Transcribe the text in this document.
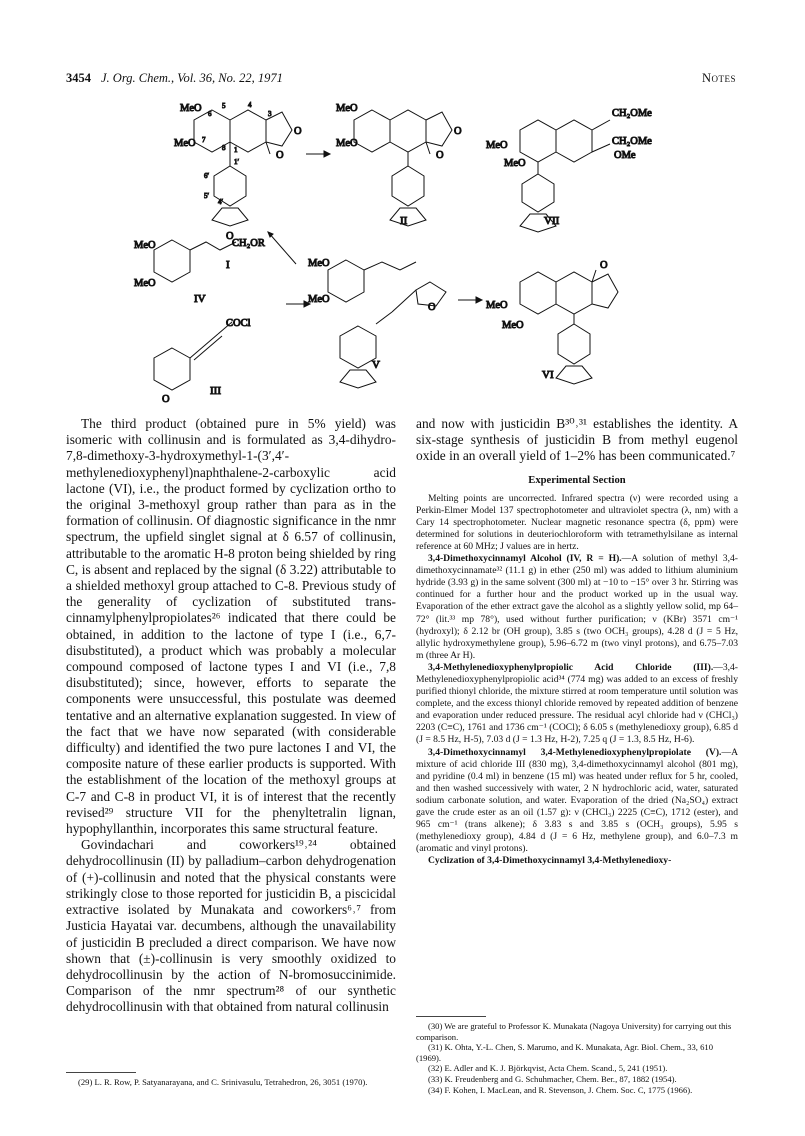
3454 J. Org. Chem., Vol. 36, No. 22, 1971	Notes
MeO
MeO
O
O
O
6
5	4
3
7
8 1
1′
6′
5′
4′
I
MeO
MeO
O
O
II
CH₂OMe
CH₂OMe
OMe
MeO
MeO
VII
CH₂OR
MeO
MeO
IV
COCl
O
MeO
MeO
O
V
MeO
MeO
O
VI
III

The third product (obtained pure in 5% yield) was isomeric with collinusin and is formulated as 3,4-dihydro-7,8-dimethoxy-3-hydroxymethyl-1-(3′,4′-methylenedioxyphenyl)naphthalene-2-carboxylic acid lactone (VI), i.e., the product formed by cyclization ortho to the original 3-methoxyl group rather than para as in the formation of collinusin. Of diagnostic significance in the nmr spectrum, the upfield singlet signal at δ 6.57 of collinusin, attributable to the aromatic H-8 proton being shielded by ring C, is absent and replaced by the signal (δ 3.22) attributable to a shielded methoxyl group attached to C-8. Previous study of the generality of cyclization of substituted trans-cinnamylphenylpropiolates²⁶ indicated that there could be obtained, in addition to the lactone of type I (i.e., 6,7-disubstituted), a product which was probably a molecular compound composed of lactone types I and VI (i.e., 7,8 disubstituted); since, however, efforts to separate the components were unsuccessful, this postulate was deemed tentative and an alternative explanation suggested. In view of the fact that we have now separated (with considerable difficulty) and identified the two pure lactones I and VI, the composite nature of these earlier products is supported. With the establishment of the location of the methoxyl groups at C-7 and C-8 in product VI, it is of interest that the recently revised²⁹ structure VII for the phenyltetralin lignan, hypophyllanthin, incorporates this same structural feature.

Govindachari and coworkers¹⁹˒²⁴ obtained dehydrocollinusin (II) by palladium–carbon dehydrogenation of (+)-collinusin and noted that the physical constants were strikingly close to those reported for justicidin B, a piscicidal extractive isolated by Munakata and coworkers⁶˒⁷ from Justicia Hayatai var. decumbens, although the unavailability of justicidin B precluded a direct comparison. We have now shown that (±)-collinusin is very smoothly oxidized to dehydrocollinusin by the action of N-bromosuccinimide. Comparison of the nmr spectrum²⁸ of our synthetic dehydrocollinusin with that obtained from natural collinusin

(29) L. R. Row, P. Satyanarayana, and C. Srinivasulu, Tetrahedron, 26, 3051 (1970).

and now with justicidin B³⁰˒³¹ establishes the identity. A six-stage synthesis of justicidin B from methyl eugenol oxide in an overall yield of 1–2% has been communicated.⁷

Experimental Section

Melting points are uncorrected. Infrared spectra (ν) were recorded using a Perkin-Elmer Model 137 spectrophotometer and ultraviolet spectra (λ, nm) with a Cary 14 spectrophotometer. Nuclear magnetic resonance spectra (δ, ppm) were determined for solutions in deuteriochloroform with tetramethylsilane as internal reference at 60 MHz; J values are in hertz.

3,4-Dimethoxycinnamyl Alcohol (IV, R = H).—A solution of methyl 3,4-dimethoxycinnamate³² (11.1 g) in ether (250 ml) was added to lithium aluminium hydride (3.93 g) in the same solvent (300 ml) at −10 to −15° over 3 hr. Stirring was continued for a further hour and the product worked up in the usual way. Evaporation of the ether extract gave the alcohol as a slightly yellow solid, mp 64–72° (lit.³³ mp 78°), used without further purification; ν (KBr) 3571 cm⁻¹ (hydroxyl); δ 2.12 br (OH group), 3.85 s (two OCH₃ groups), 4.28 d (J = 5 Hz, allylic hydroxymethylene group), 5.96–6.72 m (two vinyl protons), and 6.75–7.03 m (three Ar H).

3,4-Methylenedioxyphenylpropiolic Acid Chloride (III).—3,4-Methylenedioxyphenylpropiolic acid³⁴ (774 mg) was added to an excess of freshly purified thionyl chloride, the mixture stirred at room temperature until solution was complete, and the excess thionyl chloride removed by repeated addition of benzene and evaporation under reduced pressure. The residual acyl chloride had ν (CHCl₃) 2203 (C≡C), 1761 and 1736 cm⁻¹ (COCl); δ 6.05 s (methylenedioxy group), 6.85 d (J = 8.5 Hz, H-5), 7.03 d (J = 1.3 Hz, H-2), 7.25 q (J = 1.3, 8.5 Hz, H-6).

3,4-Dimethoxycinnamyl 3,4-Methylenedioxyphenylpropiolate (V).—A mixture of acid chloride III (830 mg), 3,4-dimethoxycinnamyl alcohol (801 mg), and pyridine (0.4 ml) in benzene (15 ml) was heated under reflux for 5 hr, cooled, and then washed successively with water, 2 N hydrochloric acid, water, saturated sodium carbonate solution, and water. Evaporation of the dried (Na₂SO₄) extract gave the crude ester as an oil (1.57 g): ν (CHCl₃) 2225 (C≡C), 1712 (ester), and 965 cm⁻¹ (trans alkene); δ 3.83 s and 3.85 s (OCH₃ groups), 5.95 s (methylenedioxy group), 4.84 d (J = 6 Hz, methylene group), and 6.0–7.3 m (aromatic and vinyl protons).

Cyclization of 3,4-Dimethoxycinnamyl 3,4-Methylenedioxy-

(30) We are grateful to Professor K. Munakata (Nagoya University) for carrying out this comparison.

(31) K. Ohta, Y.-L. Chen, S. Marumo, and K. Munakata, Agr. Biol. Chem., 33, 610 (1969).

(32) E. Adler and K. J. Björkqvist, Acta Chem. Scand., 5, 241 (1951).

(33) K. Freudenberg and G. Schuhmacher, Chem. Ber., 87, 1882 (1954).

(34) F. Kohen, I. MacLean, and R. Stevenson, J. Chem. Soc. C, 1775 (1966).
